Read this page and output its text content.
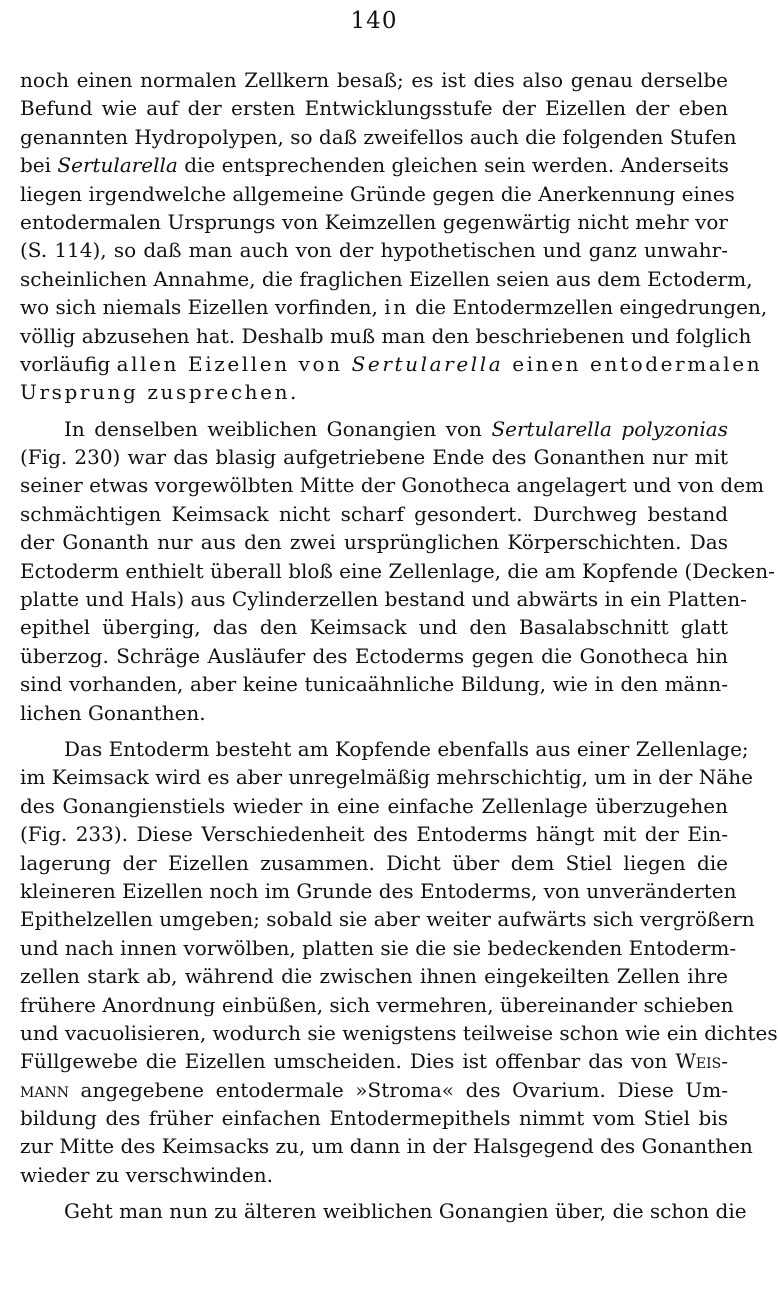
140
noch einen normalen Zellkern besaß; es ist dies also genau derselbe
Befund wie auf der ersten Entwicklungsstufe der Eizellen der eben
genannten Hydropolypen, so daß zweifellos auch die folgenden Stufen
bei Sertularella die entsprechenden gleichen sein werden. Anderseits
liegen irgendwelche allgemeine Gründe gegen die Anerkennung eines
entodermalen Ursprungs von Keimzellen gegenwärtig nicht mehr vor
(S. 114), so daß man auch von der hypothetischen und ganz unwahr-
scheinlichen Annahme, die fraglichen Eizellen seien aus dem Ectoderm,
wo sich niemals Eizellen vorfinden, in die Entodermzellen eingedrungen,
völlig abzusehen hat. Deshalb muß man den beschriebenen und folglich
vorläufig allen Eizellen von Sertularella einen entodermalen
Ursprung zusprechen.
In denselben weiblichen Gonangien von Sertularella polyzonias
(Fig. 230) war das blasig aufgetriebene Ende des Gonanthen nur mit
seiner etwas vorgewölbten Mitte der Gonotheca angelagert und von dem
schmächtigen Keimsack nicht scharf gesondert. Durchweg bestand
der Gonanth nur aus den zwei ursprünglichen Körperschichten. Das
Ectoderm enthielt überall bloß eine Zellenlage, die am Kopfende (Decken-
platte und Hals) aus Cylinderzellen bestand und abwärts in ein Platten-
epithel überging, das den Keimsack und den Basalabschnitt glatt
überzog. Schräge Ausläufer des Ectoderms gegen die Gonotheca hin
sind vorhanden, aber keine tunicaähnliche Bildung, wie in den männ-
lichen Gonanthen.
Das Entoderm besteht am Kopfende ebenfalls aus einer Zellenlage;
im Keimsack wird es aber unregelmäßig mehrschichtig, um in der Nähe
des Gonangienstiels wieder in eine einfache Zellenlage überzugehen
(Fig. 233). Diese Verschiedenheit des Entoderms hängt mit der Ein-
lagerung der Eizellen zusammen. Dicht über dem Stiel liegen die
kleineren Eizellen noch im Grunde des Entoderms, von unveränderten
Epithelzellen umgeben; sobald sie aber weiter aufwärts sich vergrößern
und nach innen vorwölben, platten sie die sie bedeckenden Entoderm-
zellen stark ab, während die zwischen ihnen eingekeilten Zellen ihre
frühere Anordnung einbüßen, sich vermehren, übereinander schieben
und vacuolisieren, wodurch sie wenigstens teilweise schon wie ein dichtes
Füllgewebe die Eizellen umscheiden. Dies ist offenbar das von Weis-
mann angegebene entodermale »Stroma« des Ovarium. Diese Um-
bildung des früher einfachen Entodermepithels nimmt vom Stiel bis
zur Mitte des Keimsacks zu, um dann in der Halsgegend des Gonanthen
wieder zu verschwinden.
Geht man nun zu älteren weiblichen Gonangien über, die schon die
